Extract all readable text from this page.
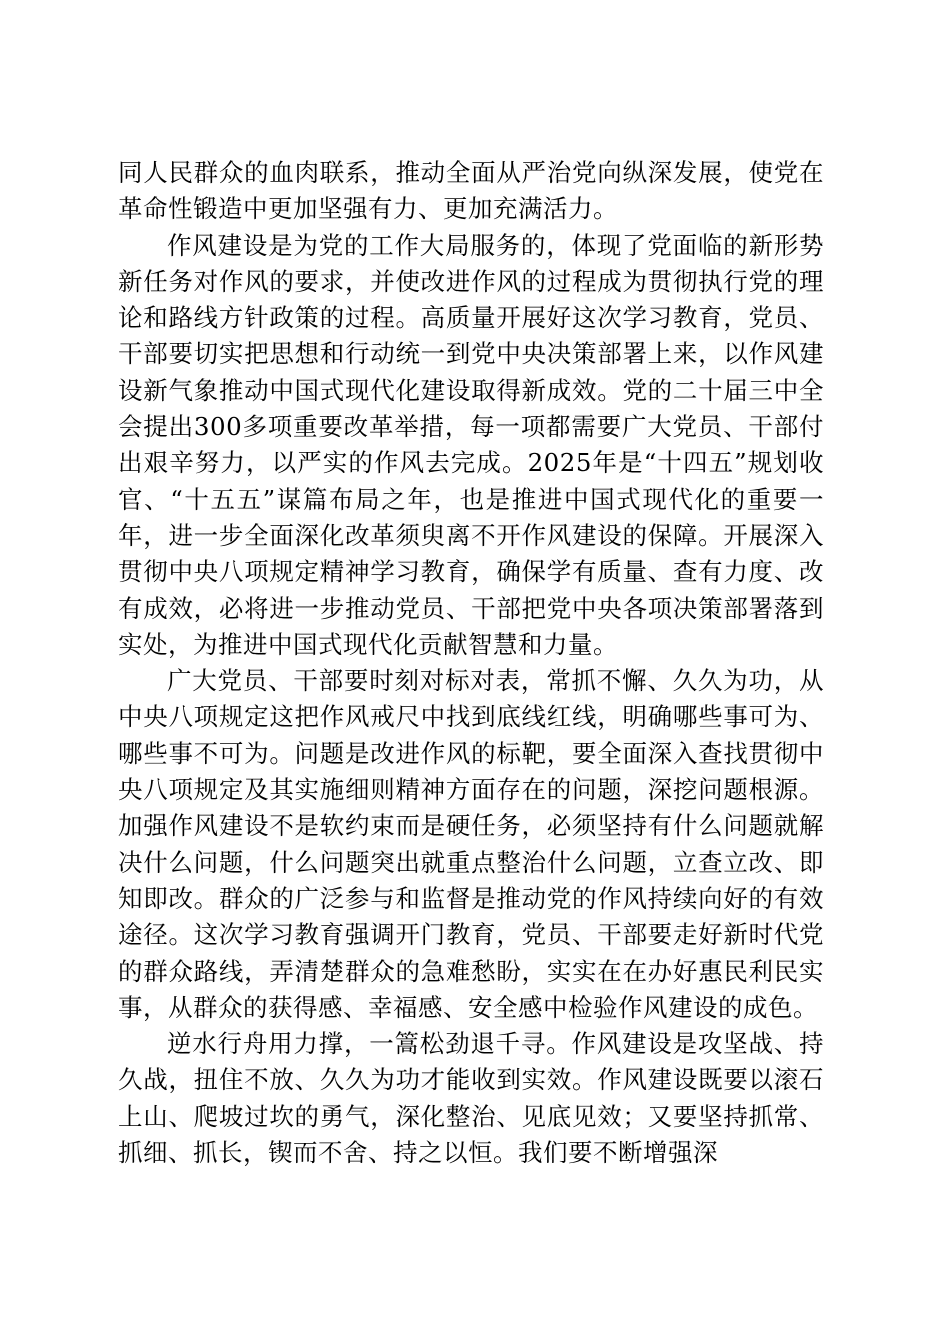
同人民群众的血肉联系，推动全面从严治党向纵深发展，使党在革命性锻造中更加坚强有力、更加充满活力。

作风建设是为党的工作大局服务的，体现了党面临的新形势新任务对作风的要求，并使改进作风的过程成为贯彻执行党的理论和路线方针政策的过程。高质量开展好这次学习教育，党员、干部要切实把思想和行动统一到党中央决策部署上来，以作风建设新气象推动中国式现代化建设取得新成效。党的二十届三中全会提出300多项重要改革举措，每一项都需要广大党员、干部付出艰辛努力，以严实的作风去完成。2025年是“十四五”规划收官、“十五五”谋篇布局之年，也是推进中国式现代化的重要一年，进一步全面深化改革须臾离不开作风建设的保障。开展深入贯彻中央八项规定精神学习教育，确保学有质量、查有力度、改有成效，必将进一步推动党员、干部把党中央各项决策部署落到实处，为推进中国式现代化贡献智慧和力量。

广大党员、干部要时刻对标对表，常抓不懈、久久为功，从中央八项规定这把作风戒尺中找到底线红线，明确哪些事可为、哪些事不可为。问题是改进作风的标靶，要全面深入查找贯彻中央八项规定及其实施细则精神方面存在的问题，深挖问题根源。加强作风建设不是软约束而是硬任务，必须坚持有什么问题就解决什么问题，什么问题突出就重点整治什么问题，立查立改、即知即改。群众的广泛参与和监督是推动党的作风持续向好的有效途径。这次学习教育强调开门教育，党员、干部要走好新时代党的群众路线，弄清楚群众的急难愁盼，实实在在办好惠民利民实事，从群众的获得感、幸福感、安全感中检验作风建设的成色。

逆水行舟用力撑，一篙松劲退千寻。作风建设是攻坚战、持久战，扭住不放、久久为功才能收到实效。作风建设既要以滚石上山、爬坡过坎的勇气，深化整治、见底见效；又要坚持抓常、抓细、抓长，锲而不舍、持之以恒。我们要不断增强深
